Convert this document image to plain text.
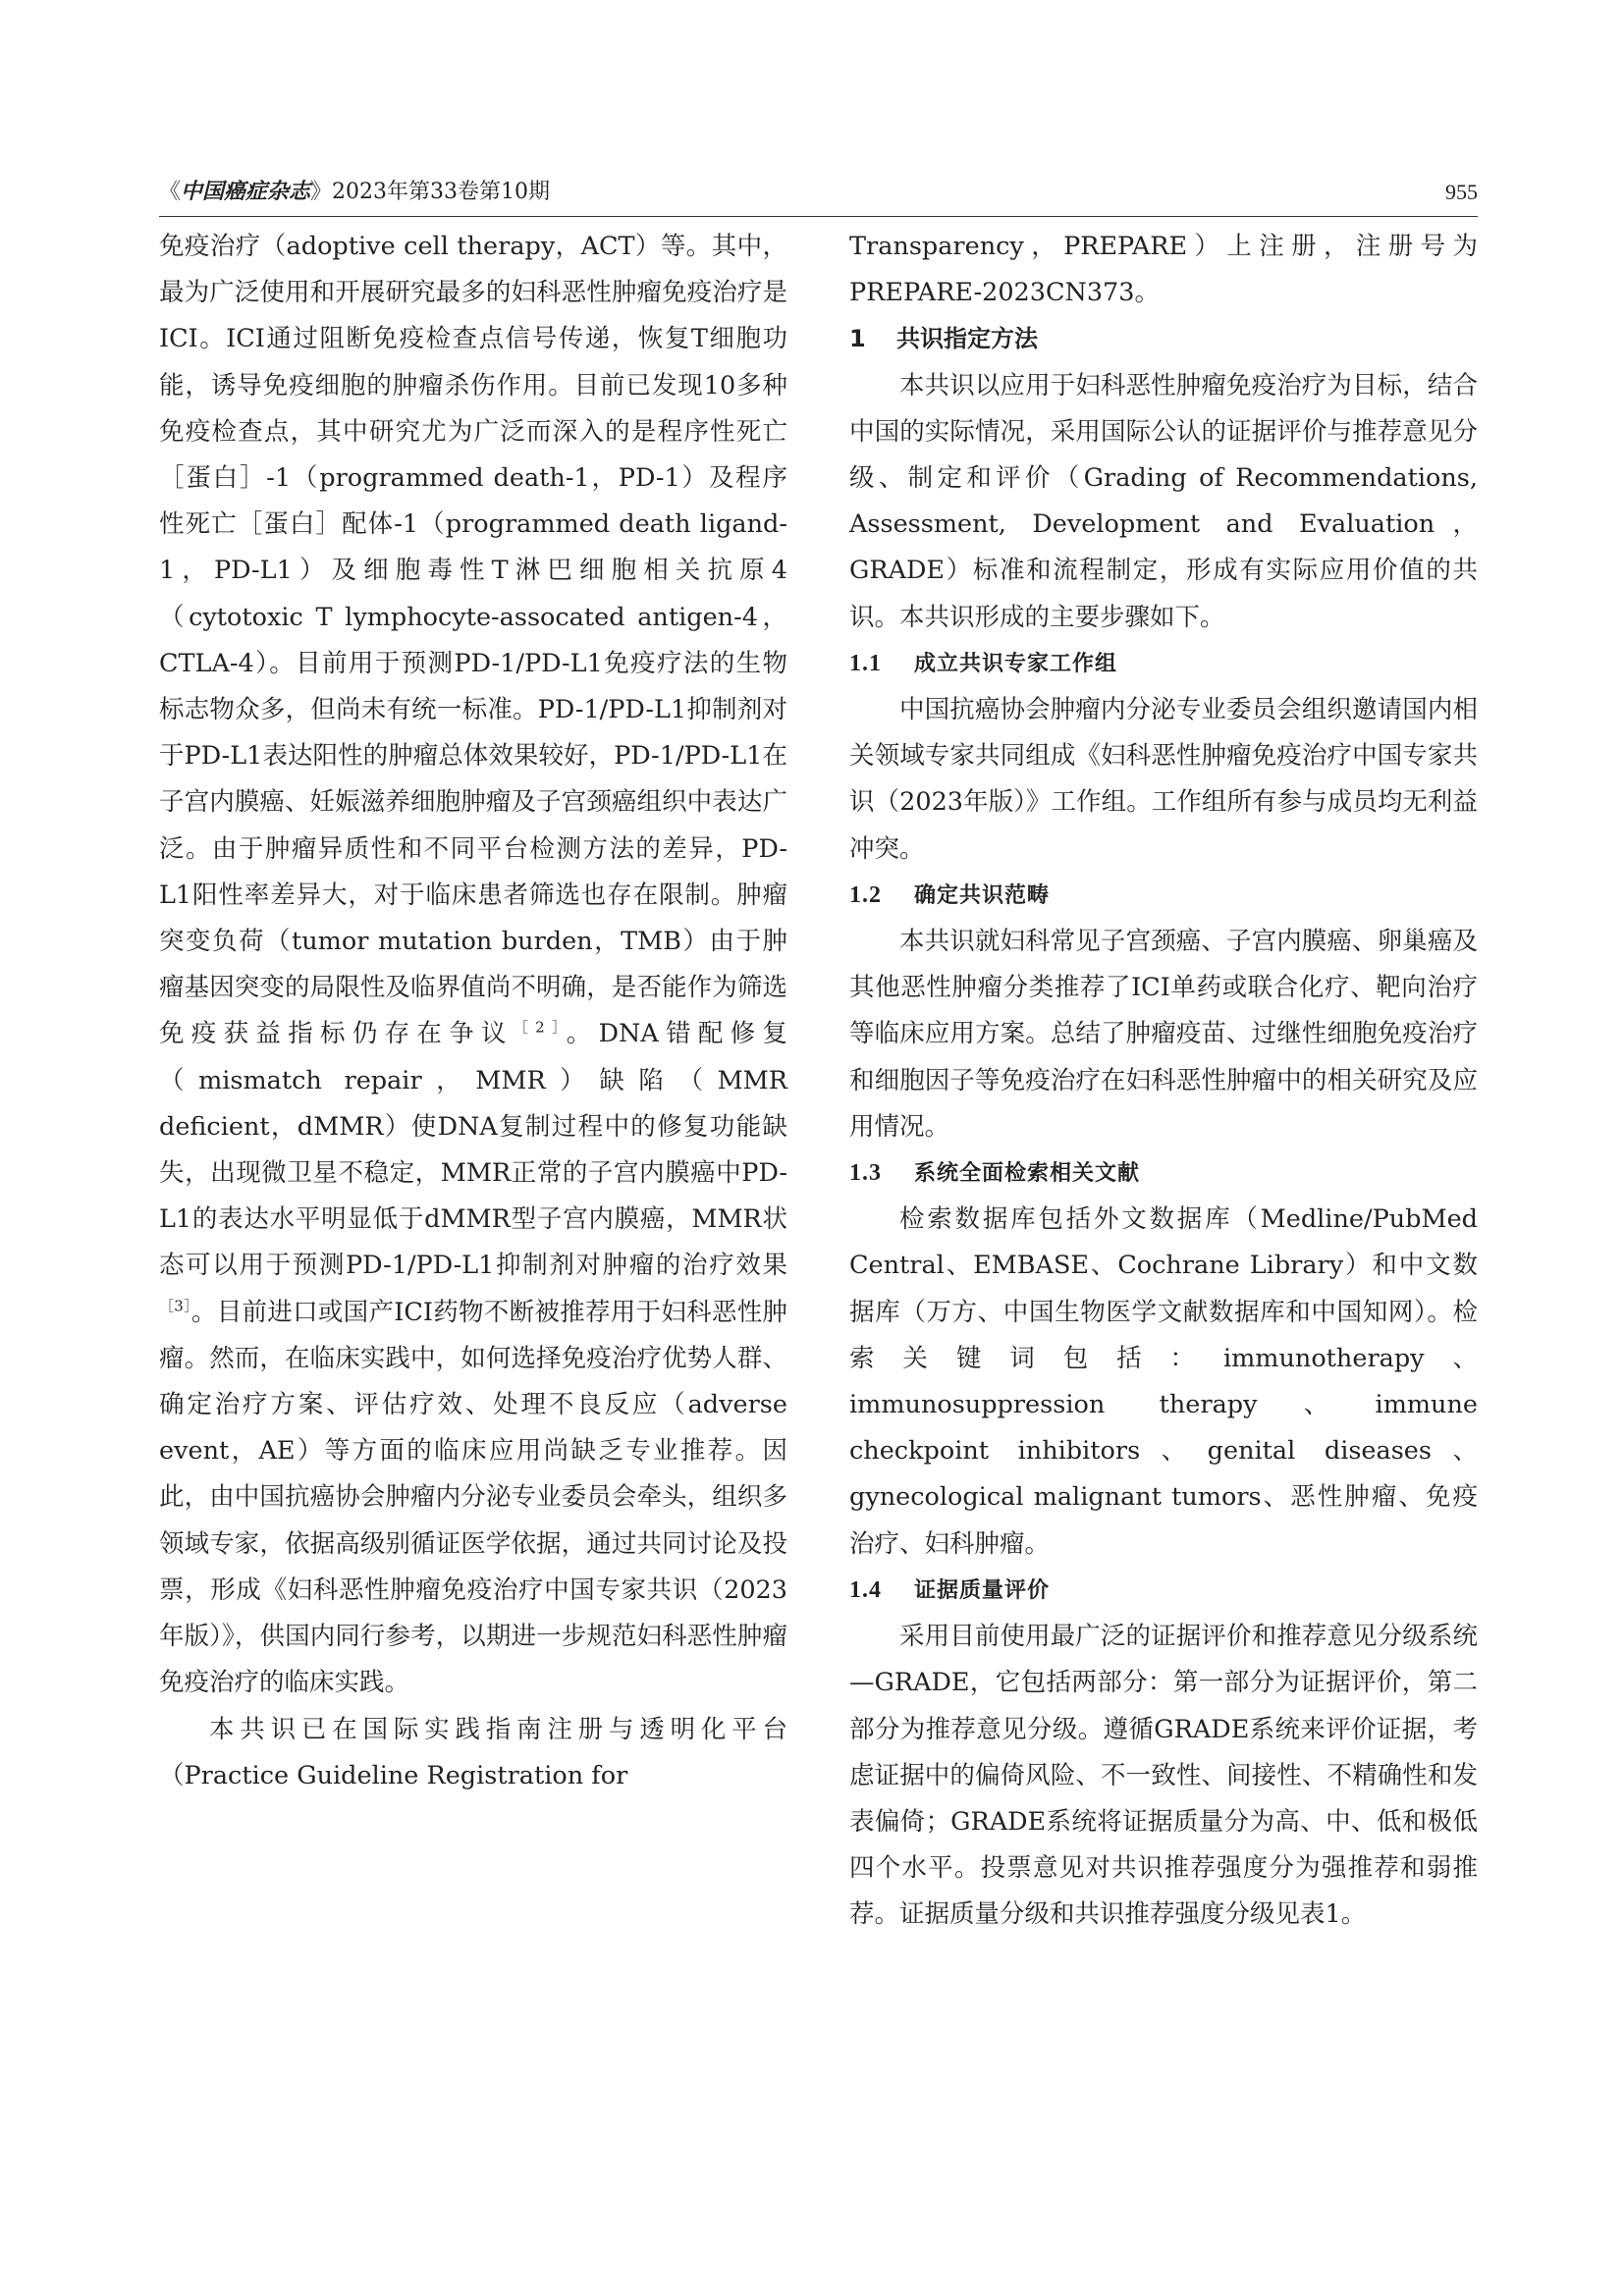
《中国癌症杂志》2023年第33卷第10期	955

免疫治疗（adoptive cell therapy，ACT）等。其中，最为广泛使用和开展研究最多的妇科恶性肿瘤免疫治疗是ICI。ICI通过阻断免疫检查点信号传递，恢复T细胞功能，诱导免疫细胞的肿瘤杀伤作用。目前已发现10多种免疫检查点，其中研究尤为广泛而深入的是程序性死亡［蛋白］-1（programmed death-1，PD-1）及程序性死亡［蛋白］配体-1（programmed death ligand-1，PD-L1）及细胞毒性T淋巴细胞相关抗原4（cytotoxic T lymphocyte-assocated antigen-4，CTLA-4）。目前用于预测PD-1/PD-L1免疫疗法的生物标志物众多，但尚未有统一标准。PD-1/PD-L1抑制剂对于PD-L1表达阳性的肿瘤总体效果较好，PD-1/PD-L1在子宫内膜癌、妊娠滋养细胞肿瘤及子宫颈癌组织中表达广泛。由于肿瘤异质性和不同平台检测方法的差异，PD-L1阳性率差异大，对于临床患者筛选也存在限制。肿瘤突变负荷（tumor mutation burden，TMB）由于肿瘤基因突变的局限性及临界值尚不明确，是否能作为筛选免疫获益指标仍存在争议$^{[2]}$。DNA错配修复（mismatch repair，MMR）缺陷（MMR deficient，dMMR）使DNA复制过程中的修复功能缺失，出现微卫星不稳定，MMR正常的子宫内膜癌中PD-L1的表达水平明显低于dMMR型子宫内膜癌，MMR状态可以用于预测PD-1/PD-L1抑制剂对肿瘤的治疗效果$^{[3]}$。目前进口或国产ICI药物不断被推荐用于妇科恶性肿瘤。然而，在临床实践中，如何选择免疫治疗优势人群、确定治疗方案、评估疗效、处理不良反应（adverse event，AE）等方面的临床应用尚缺乏专业推荐。因此，由中国抗癌协会肿瘤内分泌专业委员会牵头，组织多领域专家，依据高级别循证医学依据，通过共同讨论及投票，形成《妇科恶性肿瘤免疫治疗中国专家共识（2023年版）》，供国内同行参考，以期进一步规范妇科恶性肿瘤免疫治疗的临床实践。

本共识已在国际实践指南注册与透明化平台（Practice Guideline Registration for

Transparency，PREPARE）上注册，注册号为PREPARE-2023CN373。

1 共识指定方法

本共识以应用于妇科恶性肿瘤免疫治疗为目标，结合中国的实际情况，采用国际公认的证据评价与推荐意见分级、制定和评价（Grading of Recommendations, Assessment, Development and Evaluation，GRADE）标准和流程制定，形成有实际应用价值的共识。本共识形成的主要步骤如下。

1.1 成立共识专家工作组

中国抗癌协会肿瘤内分泌专业委员会组织邀请国内相关领域专家共同组成《妇科恶性肿瘤免疫治疗中国专家共识（2023年版）》工作组。工作组所有参与成员均无利益冲突。

1.2 确定共识范畴

本共识就妇科常见子宫颈癌、子宫内膜癌、卵巢癌及其他恶性肿瘤分类推荐了ICI单药或联合化疗、靶向治疗等临床应用方案。总结了肿瘤疫苗、过继性细胞免疫治疗和细胞因子等免疫治疗在妇科恶性肿瘤中的相关研究及应用情况。

1.3 系统全面检索相关文献

检索数据库包括外文数据库（Medline/PubMed Central、EMBASE、Cochrane Library）和中文数据库（万方、中国生物医学文献数据库和中国知网）。检索关键词包括：immunotherapy、immunosuppression therapy、immune checkpoint inhibitors、genital diseases、gynecological malignant tumors、恶性肿瘤、免疫治疗、妇科肿瘤。

1.4 证据质量评价

采用目前使用最广泛的证据评价和推荐意见分级系统—GRADE，它包括两部分：第一部分为证据评价，第二部分为推荐意见分级。遵循GRADE系统来评价证据，考虑证据中的偏倚风险、不一致性、间接性、不精确性和发表偏倚；GRADE系统将证据质量分为高、中、低和极低四个水平。投票意见对共识推荐强度分为强推荐和弱推荐。证据质量分级和共识推荐强度分级见表1。
